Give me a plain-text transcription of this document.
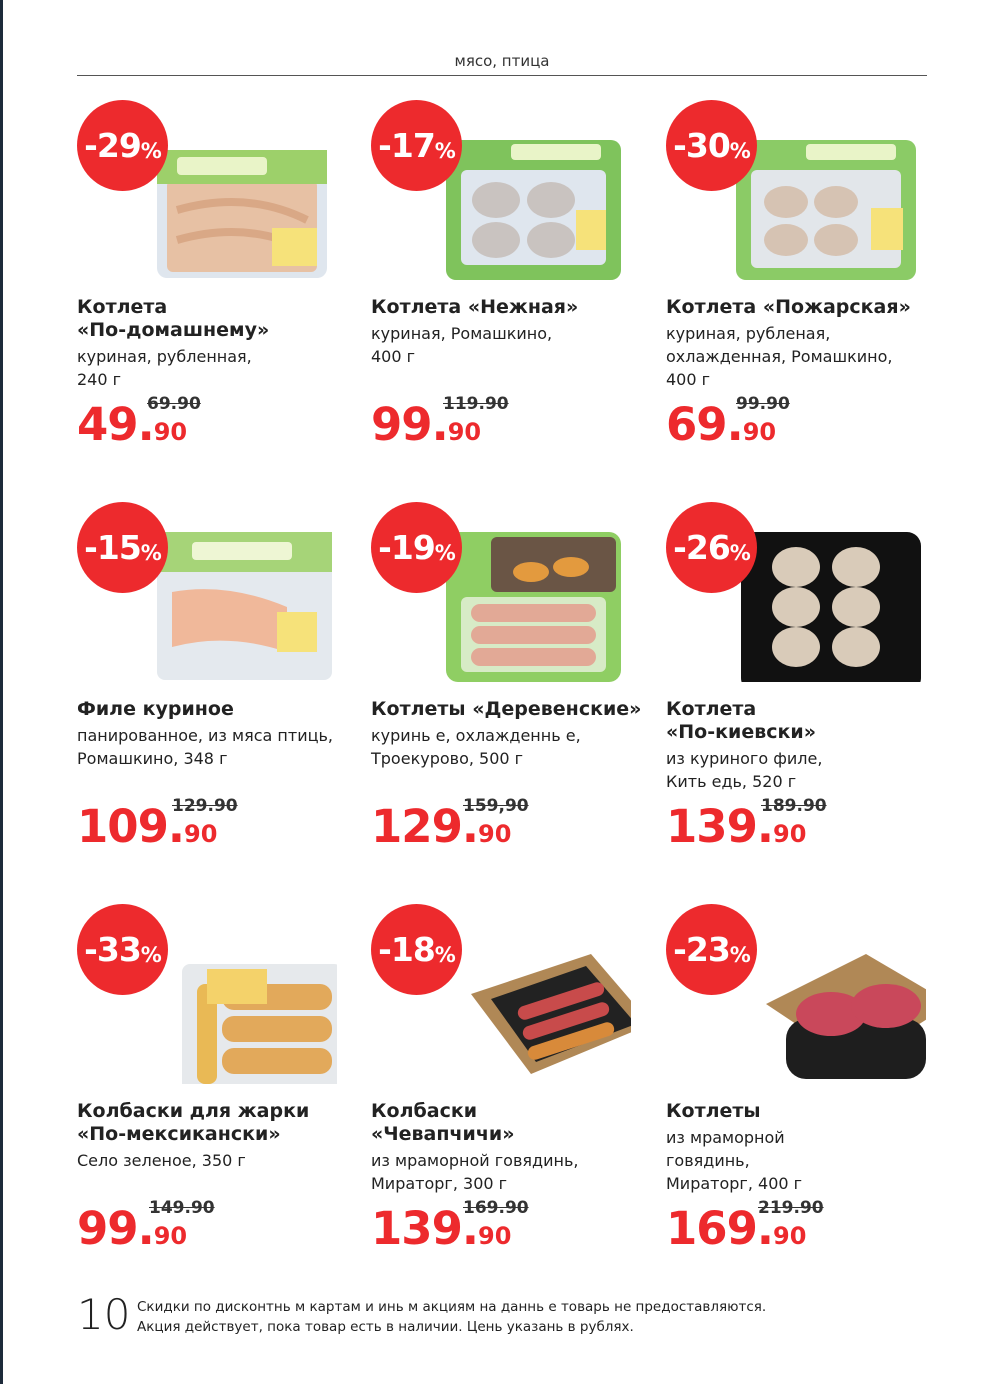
мясо, птица
-29 %
Котлета
«По-домашнему»
куриная, рубленная,
240 г
49.90
69.90
-17 %
Котлета «Нежная»
куриная, Ромашкино,
400 г
99.90
119.90
-30 %
Котлета «Пожарская»
куриная, рубленая,
охлажденная, Ромашкино,
400 г
69.90
99.90
-15 %
Филе куриное
панированное, из мяса птиць,
Ромашкино, 348 г
109.90
129.90
-19 %
Котлеты «Деревенские»
куринь е, охлажденнь е,
Троекурово, 500 г
129.90
159,90
-26 %
Котлета
«По-киевски»
из куриного филе,
Кить едь, 520 г
139.90
189.90
-33 %
Колбаски для жарки
«По-мексикански»
Село зеленое, 350 г
99.90
149.90
-18 %
Колбаски
«Чевапчичи»
из мраморной говядинь,
Мираторг, 300 г
139.90
169.90
-23 %
Котлеты
из мраморной
говядинь,
Мираторг, 400 г
169.90
219.90
10 Скидки по дисконтнь м картам и инь м акциям на даннь е товарь не предоставляются.
Акция действует, пока товар есть в наличии. Цень указань в рублях.
